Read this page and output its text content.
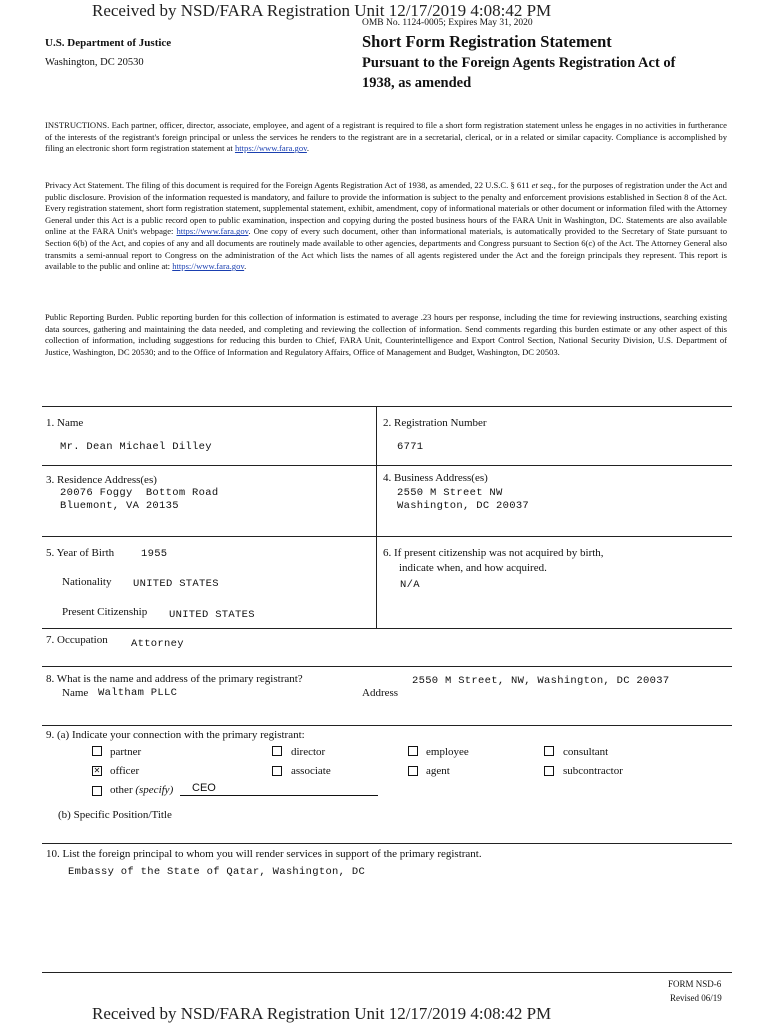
Received by NSD/FARA Registration Unit 12/17/2019 4:08:42 PM
OMB No. 1124-0005; Expires May 31, 2020
U.S. Department of Justice
Washington, DC 20530
Short Form Registration Statement
Pursuant to the Foreign Agents Registration Act of
1938, as amended
INSTRUCTIONS. Each partner, officer, director, associate, employee, and agent of a registrant is required to file a short form registration statement unless he engages in no activities in furtherance of the interests of the registrant's foreign principal or unless the services he renders to the registrant are in a secretarial, clerical, or in a related or similar capacity. Compliance is accomplished by filing an electronic short form registration statement at https://www.fara.gov.
Privacy Act Statement. The filing of this document is required for the Foreign Agents Registration Act of 1938, as amended, 22 U.S.C. § 611 et seq., for the purposes of registration under the Act and public disclosure. Provision of the information requested is mandatory, and failure to provide the information is subject to the penalty and enforcement provisions established in Section 8 of the Act. Every registration statement, short form registration statement, supplemental statement, exhibit, amendment, copy of informational materials or other document or information filed with the Attorney General under this Act is a public record open to public examination, inspection and copying during the posted business hours of the FARA Unit in Washington, DC. Statements are also available online at the FARA Unit's webpage: https://www.fara.gov. One copy of every such document, other than informational materials, is automatically provided to the Secretary of State pursuant to Section 6(b) of the Act, and copies of any and all documents are routinely made available to other agencies, departments and Congress pursuant to Section 6(c) of the Act. The Attorney General also transmits a semi-annual report to Congress on the administration of the Act which lists the names of all agents registered under the Act and the foreign principals they represent. This report is available to the public and online at: https://www.fara.gov.
Public Reporting Burden. Public reporting burden for this collection of information is estimated to average .23 hours per response, including the time for reviewing instructions, searching existing data sources, gathering and maintaining the data needed, and completing and reviewing the collection of information. Send comments regarding this burden estimate or any other aspect of this collection of information, including suggestions for reducing this burden to Chief, FARA Unit, Counterintelligence and Export Control Section, National Security Division, U.S. Department of Justice, Washington, DC 20530; and to the Office of Information and Regulatory Affairs, Office of Management and Budget, Washington, DC 20503.
1. Name
Mr. Dean Michael Dilley
2. Registration Number
6771
3. Residence Address(es)
20076 Foggy  Bottom Road
Bluemont, VA 20135
4. Business Address(es)
2550 M Street NW
Washington, DC 20037
5. Year of Birth	1955
Nationality UNITED STATES
Present Citizenship UNITED STATES
6. If present citizenship was not acquired by birth,
indicate when, and how acquired.
N/A
7. Occupation Attorney
8. What is the name and address of the primary registrant?
Name Waltham PLLC	Address
2550 M Street, NW, Washington, DC 20037
9. (a) Indicate your connection with the primary registrant:
partner	director	employee	consultant
✕ officer	associate	agent	subcontractor
other (specify) CEO
(b) Specific Position/Title
10. List the foreign principal to whom you will render services in support of the primary registrant.
Embassy of the State of Qatar, Washington, DC
FORM NSD-6
Revised 06/19
Received by NSD/FARA Registration Unit 12/17/2019 4:08:42 PM
